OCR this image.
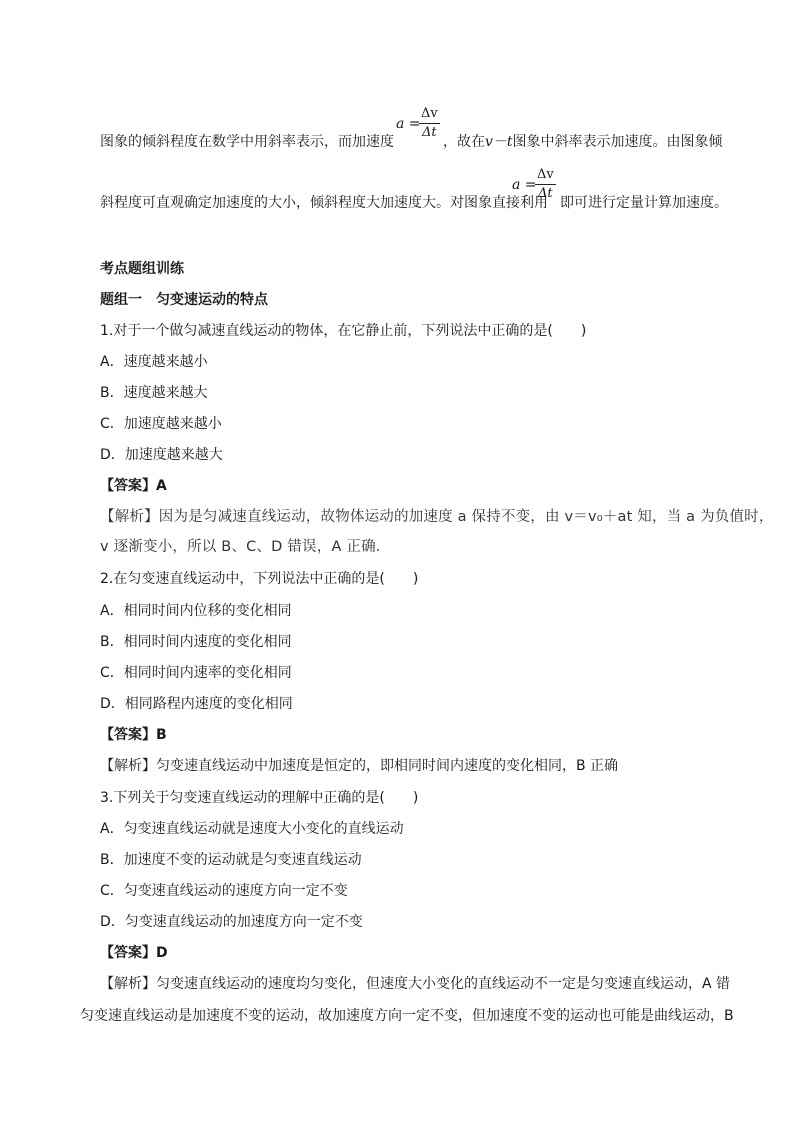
图象的倾斜程度在数学中用斜率表示，而加速度
a =
Δv
Δt
，故在v－t图象中斜率表示加速度。由图象倾
斜程度可直观确定加速度的大小，倾斜程度大加速度大。对图象直接利用
a =
Δv
Δt
即可进行定量计算加速度。
考点题组训练
题组一　匀变速运动的特点
1.对于一个做匀减速直线运动的物体，在它静止前，下列说法中正确的是(　　)
A．速度越来越小
B．速度越来越大
C．加速度越来越小
D．加速度越来越大
【答案】A
【解析】因为是匀减速直线运动，故物体运动的加速度 a 保持不变，由 v＝v₀＋at 知，当 a 为负值时，
v 逐渐变小，所以 B、C、D 错误，A 正确．
2.在匀变速直线运动中，下列说法中正确的是(　　)
A．相同时间内位移的变化相同
B．相同时间内速度的变化相同
C．相同时间内速率的变化相同
D．相同路程内速度的变化相同
【答案】B
【解析】匀变速直线运动中加速度是恒定的，即相同时间内速度的变化相同，B 正确
3.下列关于匀变速直线运动的理解中正确的是(　　)
A．匀变速直线运动就是速度大小变化的直线运动
B．加速度不变的运动就是匀变速直线运动
C．匀变速直线运动的速度方向一定不变
D．匀变速直线运动的加速度方向一定不变
【答案】D
【解析】匀变速直线运动的速度均匀变化，但速度大小变化的直线运动不一定是匀变速直线运动，A 错
匀变速直线运动是加速度不变的运动，故加速度方向一定不变，但加速度不变的运动也可能是曲线运动，B
